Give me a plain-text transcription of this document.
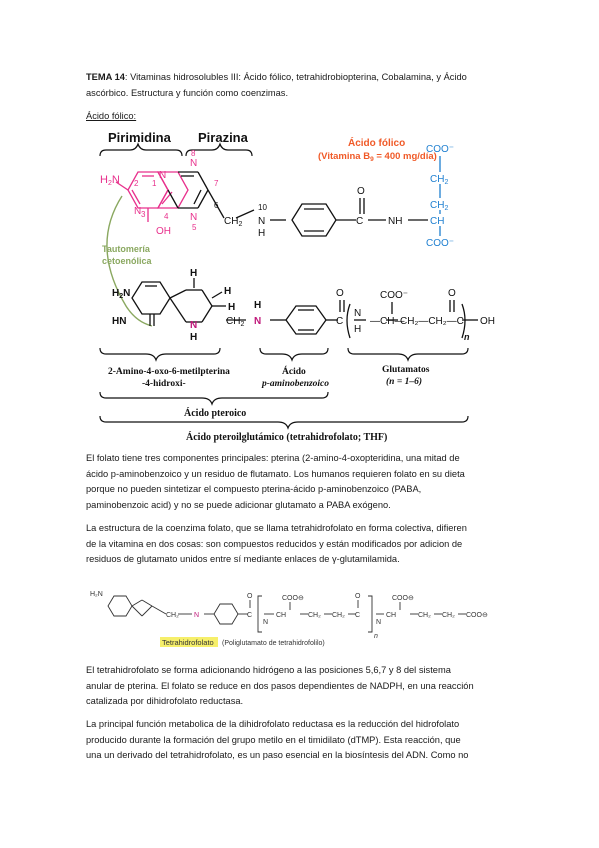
TEMA 14: Vitaminas hidrosolubles III: Ácido fólico, tetrahidrobiopterina, Cobalamina, y Ácido
ascórbico. Estructura y función como coenzimas.
Ácido fólico:
Pirimidina Pirazina	Ácido fólico
(Vitamina $B_9 = 400$ mg/día)
H2N	N
N
OH
1
2
3 4
N
8
7
6
N
5
$CH_2$
10
N
H
C
O
NH
COO⁻
$CH_2$
$CH_2$
CH
COO⁻
Tautomería
cetoenólica
$H_2N$
HN
H
H
H
N
H
$CH_2$ N
H
C
O
N
H
—CH—
COO⁻
CH₂—CH₂—C
O
n
OH
2-Amino-4-oxo-6-metilpterina
-4-hidroxi-
Ácido
p-aminobenzoico
Glutamatos
(n = 1–6)
Ácido pteroico
Ácido pteroilglutámico (tetrahidrofolato; THF)
El folato tiene tres componentes principales: pterina (2-amino-4-oxopteridina, una mitad de
ácido p-aminobenzoico y un residuo de flutamato. Los humanos requieren folato en su dieta
porque no pueden sintetizar el compuesto pterina-ácido p-aminobenzoico (PABA,
paminobenzoic acid) y no se puede adicionar glutamato a PABA exógeno.
La estructura de la coenzima folato, que se llama tetrahidrofolato en forma colectiva, difieren
de la vitamina en dos cosas: son compuestos reducidos y están modificados por adicion de
residuos de glutamato unidos entre sí mediante enlaces de γ-glutamilamida.
H₂N
CH₂ N	C
O
N
CH
COO⊖
CH₂ CH₂ C
O
n
N
CH
COO⊖
CH₂ CH₂ COO⊖
Tetrahidrofolato (Poliglutamato de tetrahidrofolilo)
El tetrahidrofolato se forma adicionando hidrógeno a las posiciones 5,6,7 y 8 del sistema
anular de pterina. El folato se reduce en dos pasos dependientes de NADPH, en una reacción
catalizada por dihidrofolato reductasa.
La principal función metabolica de la dihidrofolato reductasa es la reducción del hidrofolato
producido durante la formación del grupo metilo en el timidilato (dTMP). Esta reacción, que
una un derivado del tetrahidrofolato, es un paso esencial en la biosíntesis del ADN. Como no
